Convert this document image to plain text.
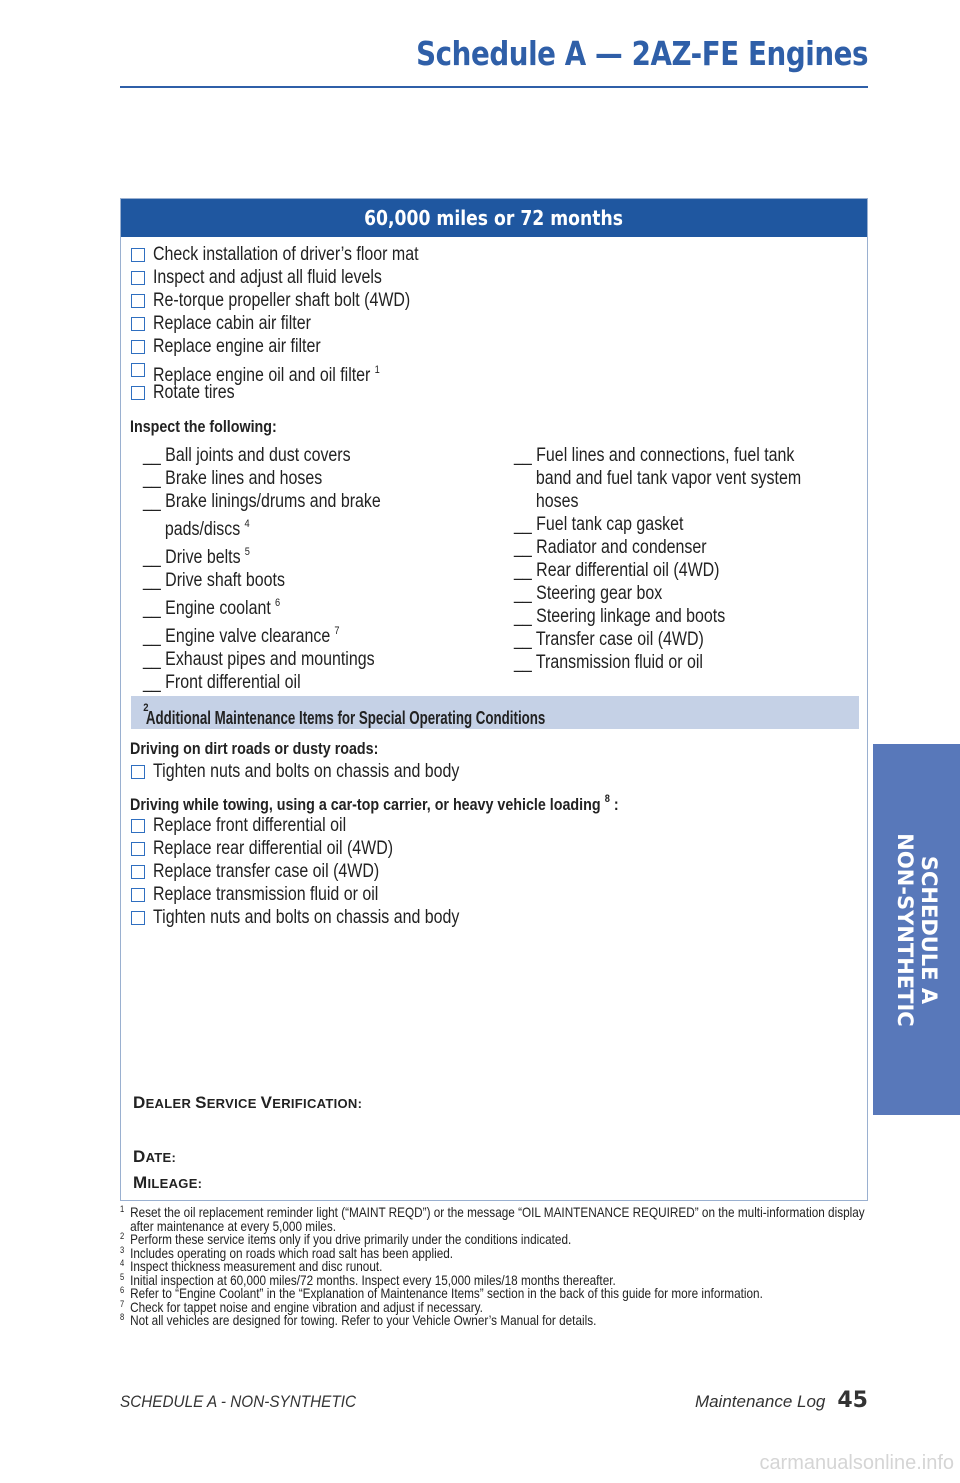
Schedule A — 2AZ-FE Engines
60,000 miles or 72 months
Check installation of driver’s floor mat
Inspect and adjust all fluid levels
Re-torque propeller shaft bolt (4WD)
Replace cabin air filter
Replace engine air filter
Replace engine oil and oil filter $^1$
Rotate tires
Inspect the following:
__ Ball joints and dust covers
__ Brake lines and hoses
__ Brake linings/drums and brake
pads/discs $^4$
__ Drive belts $^5$
__ Drive shaft boots
__ Engine coolant $^6$
__ Engine valve clearance $^7$
__ Exhaust pipes and mountings
__ Front differential oil
__ Fuel lines and connections, fuel tank
band and fuel tank vapor vent system
hoses
__ Fuel tank cap gasket
__ Radiator and condenser
__ Rear differential oil (4WD)
__ Steering gear box
__ Steering linkage and boots
__ Transfer case oil (4WD)
__ Transmission fluid or oil
Additional Maintenance Items for Special Operating Conditions
$^2$
Driving on dirt roads or dusty roads:
Tighten nuts and bolts on chassis and body
Driving while towing, using a car-top carrier, or heavy vehicle loading $^8$ :
Replace front differential oil
Replace rear differential oil (4WD)
Replace transfer case oil (4WD)
Replace transmission fluid or oil
Tighten nuts and bolts on chassis and body
DEALER SERVICE VERIFICATION:
DATE:
MILEAGE:
1 Reset the oil replacement reminder light (“MAINT REQD”) or the message “OIL MAINTENANCE REQUIRED” on the multi-information display after maintenance at every 5,000 miles.
2 Perform these service items only if you drive primarily under the conditions indicated.
3 Includes operating on roads which road salt has been applied.
4 Inspect thickness measurement and disc runout.
5 Initial inspection at 60,000 miles/72 months. Inspect every 15,000 miles/18 months thereafter.
6 Refer to “Engine Coolant” in the “Explanation of Maintenance Items” section in the back of this guide for more information.
7 Check for tappet noise and engine vibration and adjust if necessary.
8 Not all vehicles are designed for towing. Refer to your Vehicle Owner’s Manual for details.
SCHEDULE A
NON-SYNTHETIC
SCHEDULE A - NON-SYNTHETIC	Maintenance Log 45
carmanualsonline.info
